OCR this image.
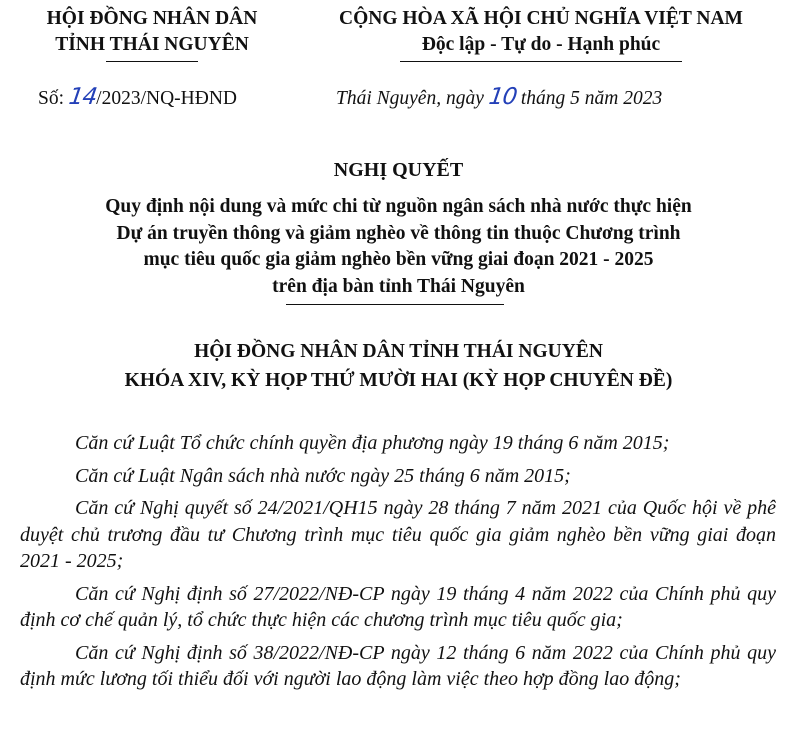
HỘI ĐỒNG NHÂN DÂN
TỈNH THÁI NGUYÊN
CỘNG HÒA XÃ HỘI CHỦ NGHĨA VIỆT NAM
Độc lập - Tự do - Hạnh phúc
Số: 14/2023/NQ-HĐND	Thái Nguyên, ngày 10 tháng 5 năm 2023
NGHỊ QUYẾT
Quy định nội dung và mức chi từ nguồn ngân sách nhà nước thực hiện
Dự án truyền thông và giảm nghèo về thông tin thuộc Chương trình
mục tiêu quốc gia giảm nghèo bền vững giai đoạn 2021 - 2025
trên địa bàn tỉnh Thái Nguyên
HỘI ĐỒNG NHÂN DÂN TỈNH THÁI NGUYÊN
KHÓA XIV, KỲ HỌP THỨ MƯỜI HAI (KỲ HỌP CHUYÊN ĐỀ)

Căn cứ Luật Tổ chức chính quyền địa phương ngày 19 tháng 6 năm 2015;

Căn cứ Luật Ngân sách nhà nước ngày 25 tháng 6 năm 2015;

Căn cứ Nghị quyết số 24/2021/QH15 ngày 28 tháng 7 năm 2021 của Quốc hội về phê duyệt chủ trương đầu tư Chương trình mục tiêu quốc gia giảm nghèo bền vững giai đoạn 2021 - 2025;

Căn cứ Nghị định số 27/2022/NĐ-CP ngày 19 tháng 4 năm 2022 của Chính phủ quy định cơ chế quản lý, tổ chức thực hiện các chương trình mục tiêu quốc gia;

Căn cứ Nghị định số 38/2022/NĐ-CP ngày 12 tháng 6 năm 2022 của Chính phủ quy định mức lương tối thiểu đối với người lao động làm việc theo hợp đồng lao động;
